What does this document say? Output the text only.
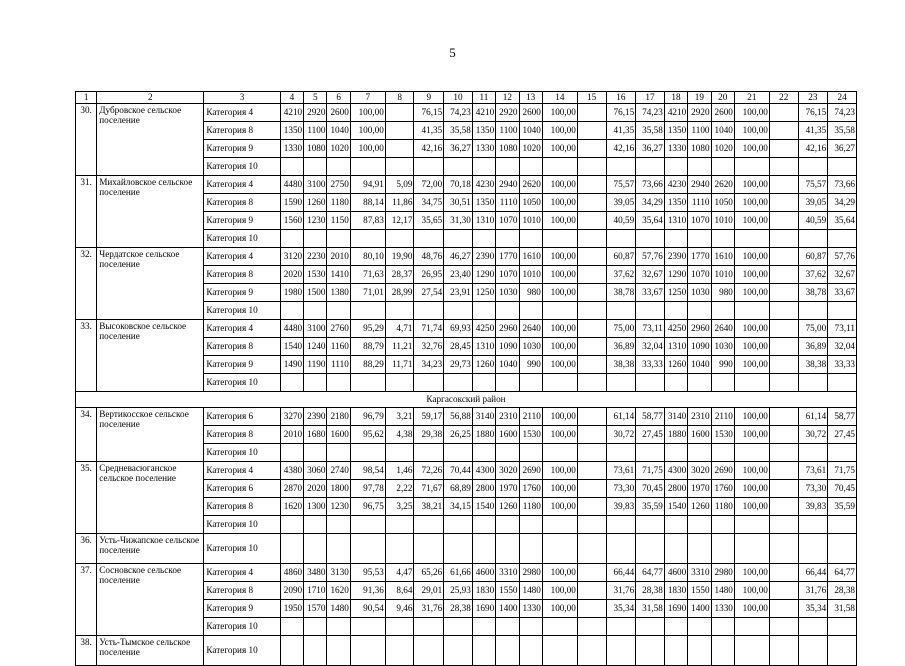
5
1	2	3	4	5	6	7	8	9	10	11	12	13	14	15	16	17	18	19	20	21	22	23	24
30.	Дубровское сельское поселение	Категория 4	4210	2920	2600	100,00		76,15	74,23	4210	2920	2600	100,00		76,15	74,23	4210	2920	2600	100,00		76,15	74,23
		Категория 8	1350	1100	1040	100,00		41,35	35,58	1350	1100	1040	100,00		41,35	35,58	1350	1100	1040	100,00		41,35	35,58
		Категория 9	1330	1080	1020	100,00		42,16	36,27	1330	1080	1020	100,00		42,16	36,27	1330	1080	1020	100,00		42,16	36,27
		Категория 10																					
31.	Михайловское сельское поселение	Категория 4	4480	3100	2750	94,91	5,09	72,00	70,18	4230	2940	2620	100,00		75,57	73,66	4230	2940	2620	100,00		75,57	73,66
		Категория 8	1590	1260	1180	88,14	11,86	34,75	30,51	1350	1110	1050	100,00		39,05	34,29	1350	1110	1050	100,00		39,05	34,29
		Категория 9	1560	1230	1150	87,83	12,17	35,65	31,30	1310	1070	1010	100,00		40,59	35,64	1310	1070	1010	100,00		40,59	35,64
		Категория 10																					
32.	Чердатское сельское поселение	Категория 4	3120	2230	2010	80,10	19,90	48,76	46,27	2390	1770	1610	100,00		60,87	57,76	2390	1770	1610	100,00		60,87	57,76
		Категория 8	2020	1530	1410	71,63	28,37	26,95	23,40	1290	1070	1010	100,00		37,62	32,67	1290	1070	1010	100,00		37,62	32,67
		Категория 9	1980	1500	1380	71,01	28,99	27,54	23,91	1250	1030	980	100,00		38,78	33,67	1250	1030	980	100,00		38,78	33,67
		Категория 10																					
33.	Высоковское сельское поселение	Категория 4	4480	3100	2760	95,29	4,71	71,74	69,93	4250	2960	2640	100,00		75,00	73,11	4250	2960	2640	100,00		75,00	73,11
		Категория 8	1540	1240	1160	88,79	11,21	32,76	28,45	1310	1090	1030	100,00		36,89	32,04	1310	1090	1030	100,00		36,89	32,04
		Категория 9	1490	1190	1110	88,29	11,71	34,23	29,73	1260	1040	990	100,00		38,38	33,33	1260	1040	990	100,00		38,38	33,33
		Категория 10																					
Каргасокский район																							
34.	Вертикосское сельское поселение	Категория 6	3270	2390	2180	96,79	3,21	59,17	56,88	3140	2310	2110	100,00		61,14	58,77	3140	2310	2110	100,00		61,14	58,77
		Категория 8	2010	1680	1600	95,62	4,38	29,38	26,25	1880	1600	1530	100,00		30,72	27,45	1880	1600	1530	100,00		30,72	27,45
		Категория 10																					
35.	Средневасюганское сельское поселение	Категория 4	4380	3060	2740	98,54	1,46	72,26	70,44	4300	3020	2690	100,00		73,61	71,75	4300	3020	2690	100,00		73,61	71,75
		Категория 6	2870	2020	1800	97,78	2,22	71,67	68,89	2800	1970	1760	100,00		73,30	70,45	2800	1970	1760	100,00		73,30	70,45
		Категория 8	1620	1300	1230	96,75	3,25	38,21	34,15	1540	1260	1180	100,00		39,83	35,59	1540	1260	1180	100,00		39,83	35,59
		Категория 10																					
36.	Усть-Чижапское сельское поселение	Категория 10																					
37.	Сосновское сельское поселение	Категория 4	4860	3480	3130	95,53	4,47	65,26	61,66	4600	3310	2980	100,00		66,44	64,77	4600	3310	2980	100,00		66,44	64,77
		Категория 8	2090	1710	1620	91,36	8,64	29,01	25,93	1830	1550	1480	100,00		31,76	28,38	1830	1550	1480	100,00		31,76	28,38
		Категория 9	1950	1570	1480	90,54	9,46	31,76	28,38	1690	1400	1330	100,00		35,34	31,58	1690	1400	1330	100,00		35,34	31,58
		Категория 10																					
38.	Усть-Тымское сельское поселение	Категория 10																					
